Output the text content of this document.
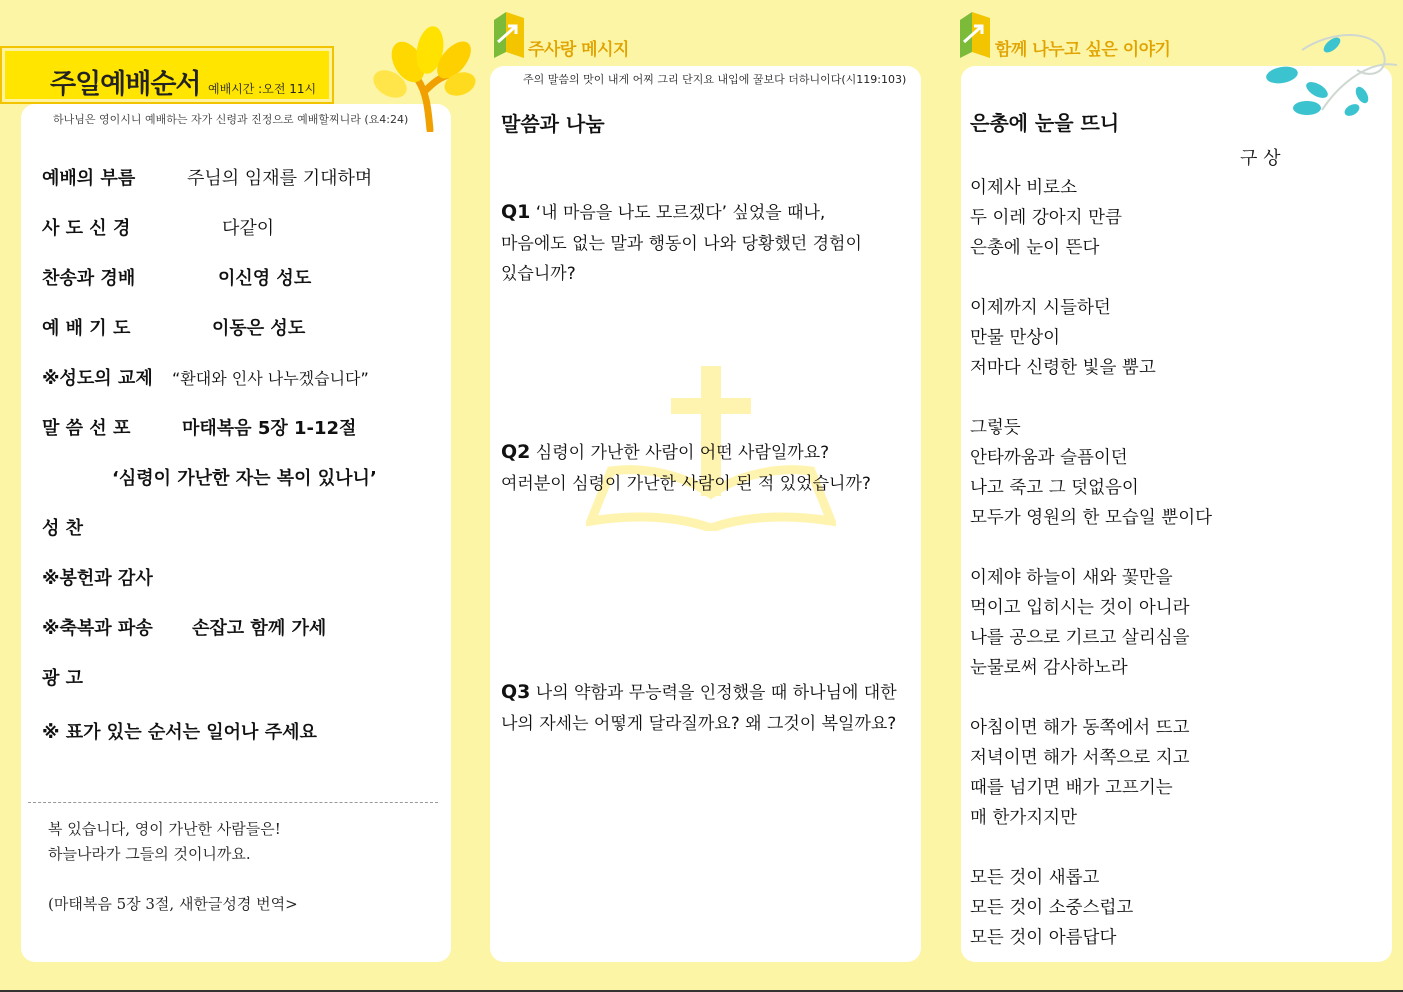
주일예배순서 예배시간 :오전 11시
하나님은 영이시니 예배하는 자가 신령과 진정으로 예배할찌니라 (요4:24)
예배의 부름	주님의 임재를 기대하며
사 도 신 경	다같이
찬송과 경배	이신영 성도
예 배 기 도	이동은 성도
※성도의 교제 “환대와 인사 나누겠습니다”
말 씀 선 포	마태복음 5장 1-12절
‘심령이 가난한 자는 복이 있나니’
성 찬
※봉헌과 감사
※축복과 파송 손잡고 함께 가세
광 고
※ 표가 있는 순서는 일어나 주세요
복 있습니다, 영이 가난한 사람들은!
하늘나라가 그들의 것이니까요.
(마태복음 5장 3절, 새한글성경 번역>
주사랑 메시지
주의 말씀의 맛이 내게 어찌 그리 단지요 내입에 꿀보다 더하니이다(시119:103)
말씀과 나눔
Q1 ‘내 마음을 나도 모르겠다’ 싶었을 때나,
마음에도 없는 말과 행동이 나와 당황했던 경험이
있습니까?
Q2 심령이 가난한 사람이 어떤 사람일까요?
여러분이 심령이 가난한 사람이 된 적 있었습니까?
Q3 나의 약함과 무능력을 인정했을 때 하나님에 대한
나의 자세는 어떻게 달라질까요? 왜 그것이 복일까요?
함께 나누고 싶은 이야기
은총에 눈을 뜨니
구 상
이제사 비로소
두 이레 강아지 만큼
은총에 눈이 뜬다
이제까지 시들하던
만물 만상이
저마다 신령한 빛을 뿜고
그렇듯
안타까움과 슬픔이던
나고 죽고 그 덧없음이
모두가 영원의 한 모습일 뿐이다
이제야 하늘이 새와 꽃만을
먹이고 입히시는 것이 아니라
나를 공으로 기르고 살리심을
눈물로써 감사하노라
아침이면 해가 동쪽에서 뜨고
저녁이면 해가 서쪽으로 지고
때를 넘기면 배가 고프기는
매 한가지지만
모든 것이 새롭고
모든 것이 소중스럽고
모든 것이 아름답다
